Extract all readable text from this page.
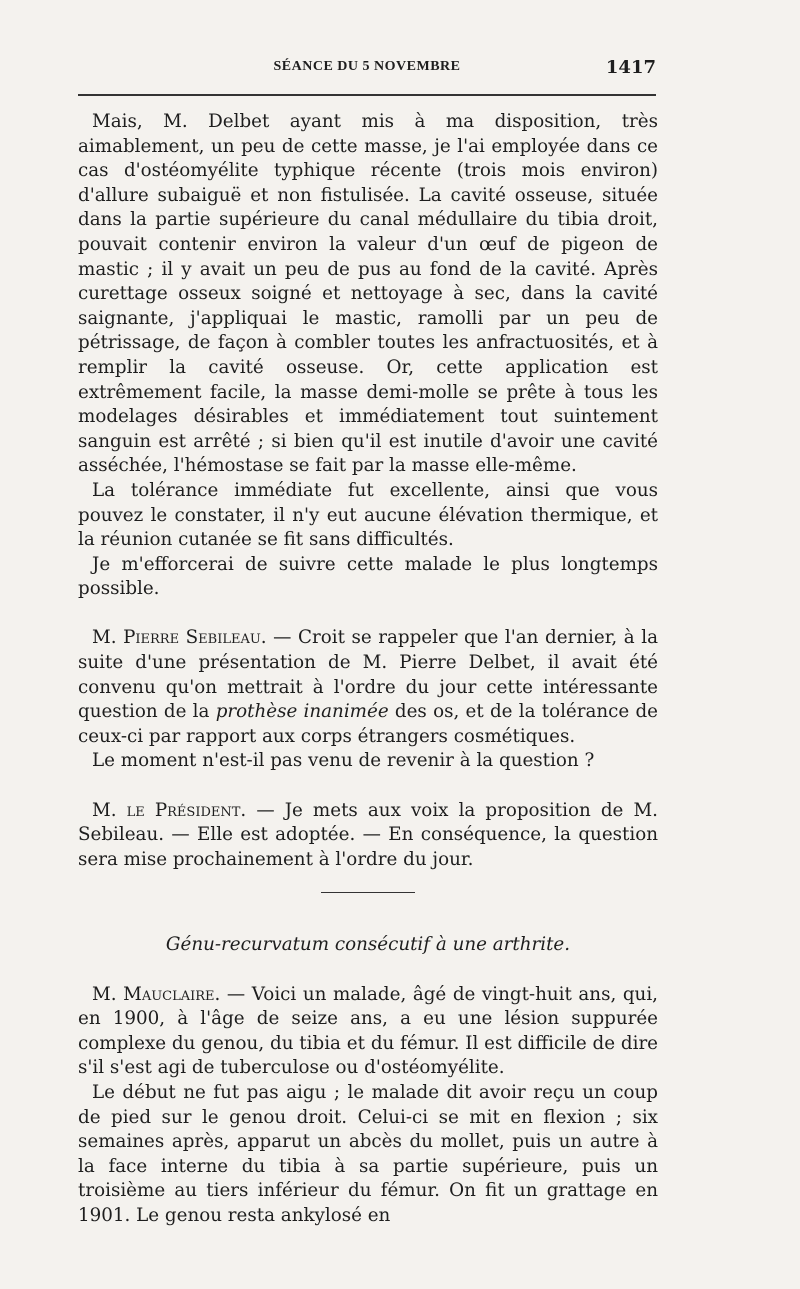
SÉANCE DU 5 NOVEMBRE	1417

Mais, M. Delbet ayant mis à ma disposition, très aimablement, un peu de cette masse, je l'ai employée dans ce cas d'ostéomyélite typhique récente (trois mois environ) d'allure subaiguë et non fistulisée. La cavité osseuse, située dans la partie supérieure du canal médullaire du tibia droit, pouvait contenir environ la valeur d'un œuf de pigeon de mastic ; il y avait un peu de pus au fond de la cavité. Après curettage osseux soigné et nettoyage à sec, dans la cavité saignante, j'appliquai le mastic, ramolli par un peu de pétrissage, de façon à combler toutes les anfractuosités, et à remplir la cavité osseuse. Or, cette application est extrêmement facile, la masse demi-molle se prête à tous les modelages désirables et immédiatement tout suintement sanguin est arrêté ; si bien qu'il est inutile d'avoir une cavité asséchée, l'hémostase se fait par la masse elle-même.

La tolérance immédiate fut excellente, ainsi que vous pouvez le constater, il n'y eut aucune élévation thermique, et la réunion cutanée se fit sans difficultés.

Je m'efforcerai de suivre cette malade le plus longtemps possible.

M. Pierre Sebileau. — Croit se rappeler que l'an dernier, à la suite d'une présentation de M. Pierre Delbet, il avait été convenu qu'on mettrait à l'ordre du jour cette intéressante question de la prothèse inanimée des os, et de la tolérance de ceux-ci par rapport aux corps étrangers cosmétiques.

Le moment n'est-il pas venu de revenir à la question ?

M. le Président. — Je mets aux voix la proposition de M. Sebileau. — Elle est adoptée. — En conséquence, la question sera mise prochainement à l'ordre du jour.

Génu-recurvatum consécutif à une arthrite.

M. Mauclaire. — Voici un malade, âgé de vingt-huit ans, qui, en 1900, à l'âge de seize ans, a eu une lésion suppurée complexe du genou, du tibia et du fémur. Il est difficile de dire s'il s'est agi de tuberculose ou d'ostéomyélite.

Le début ne fut pas aigu ; le malade dit avoir reçu un coup de pied sur le genou droit. Celui-ci se mit en flexion ; six semaines après, apparut un abcès du mollet, puis un autre à la face interne du tibia à sa partie supérieure, puis un troisième au tiers inférieur du fémur. On fit un grattage en 1901. Le genou resta ankylosé en
